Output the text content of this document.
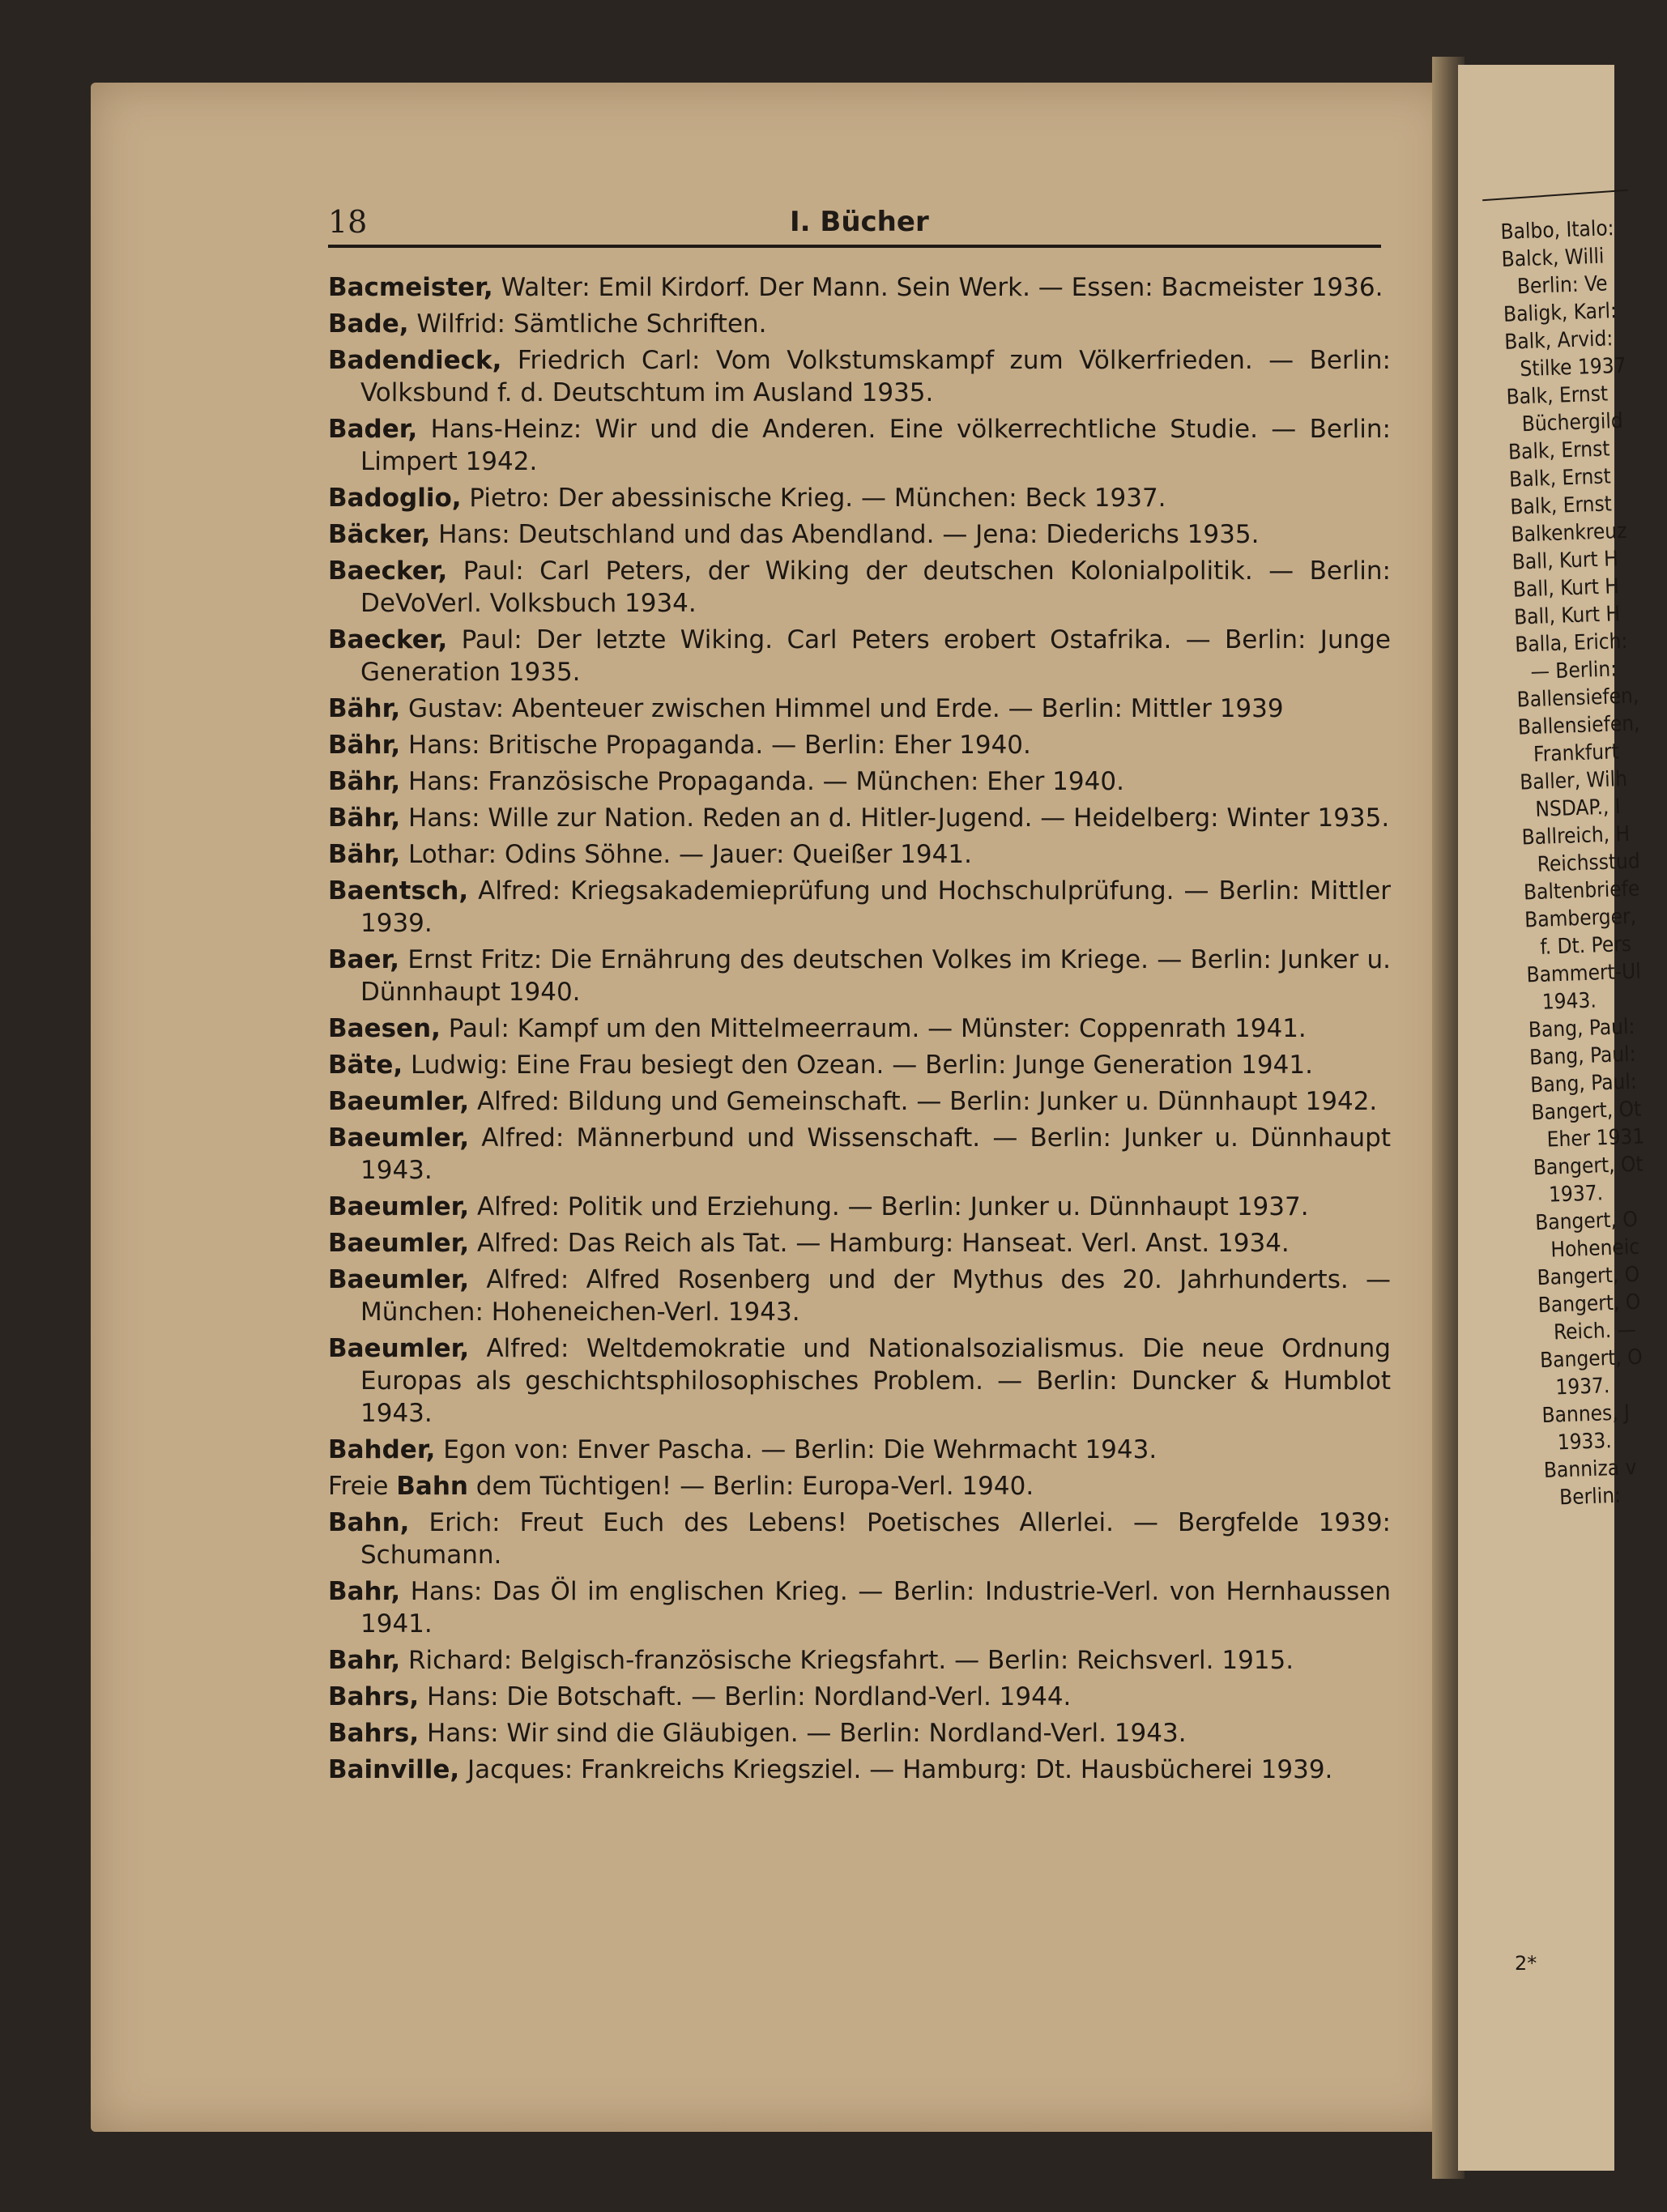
Balbo, Italo:
Balck, Willi
Berlin: Ve
Baligk, Karl:
Balk, Arvid:
Stilke 1937
Balk, Ernst
Büchergild
Balk, Ernst
Balk, Ernst
Balk, Ernst
Balkenkreuz
Ball, Kurt H
Ball, Kurt H
Ball, Kurt H
Balla, Erich:
— Berlin:
Ballensiefen,
Ballensiefen,
Frankfurt
Baller, Wilh
NSDAP., I
Ballreich, H
Reichsstud
Baltenbriefe
Bamberger,
f. Dt. Pers
Bammert-Ul
1943.
Bang, Paul:
Bang, Paul:
Bang, Paul:
Bangert, Ot
Eher 1931
Bangert, Ot
1937.
Bangert, O
Hoheneic
Bangert, O
Bangert, O
Reich. —
Bangert, O
1937.
Bannes, J
1933.
Banniza v
Berlin:
2*
18	I. Bücher
Bacmeister, Walter: Emil Kirdorf. Der Mann. Sein Werk. — Essen: Bacmeister 1936.
Bade, Wilfrid: Sämtliche Schriften.
Badendieck, Friedrich Carl: Vom Volkstumskampf zum Völkerfrieden. — Berlin: Volksbund f. d. Deutschtum im Ausland 1935.
Bader, Hans-Heinz: Wir und die Anderen. Eine völkerrechtliche Studie. — Berlin: Limpert 1942.
Badoglio, Pietro: Der abessinische Krieg. — München: Beck 1937.
Bäcker, Hans: Deutschland und das Abendland. — Jena: Diederichs 1935.
Baecker, Paul: Carl Peters, der Wiking der deutschen Kolonialpolitik. — Berlin: DeVoVerl. Volksbuch 1934.
Baecker, Paul: Der letzte Wiking. Carl Peters erobert Ostafrika. — Berlin: Junge Generation 1935.
Bähr, Gustav: Abenteuer zwischen Himmel und Erde. — Berlin: Mittler 1939
Bähr, Hans: Britische Propaganda. — Berlin: Eher 1940.
Bähr, Hans: Französische Propaganda. — München: Eher 1940.
Bähr, Hans: Wille zur Nation. Reden an d. Hitler-Jugend. — Heidelberg: Winter 1935.
Bähr, Lothar: Odins Söhne. — Jauer: Queißer 1941.
Baentsch, Alfred: Kriegsakademieprüfung und Hochschulprüfung. — Berlin: Mittler 1939.
Baer, Ernst Fritz: Die Ernährung des deutschen Volkes im Kriege. — Berlin: Junker u. Dünnhaupt 1940.
Baesen, Paul: Kampf um den Mittelmeerraum. — Münster: Coppenrath 1941.
Bäte, Ludwig: Eine Frau besiegt den Ozean. — Berlin: Junge Generation 1941.
Baeumler, Alfred: Bildung und Gemeinschaft. — Berlin: Junker u. Dünnhaupt 1942.
Baeumler, Alfred: Männerbund und Wissenschaft. — Berlin: Junker u. Dünnhaupt 1943.
Baeumler, Alfred: Politik und Erziehung. — Berlin: Junker u. Dünnhaupt 1937.
Baeumler, Alfred: Das Reich als Tat. — Hamburg: Hanseat. Verl. Anst. 1934.
Baeumler, Alfred: Alfred Rosenberg und der Mythus des 20. Jahrhunderts. — München: Hoheneichen-Verl. 1943.
Baeumler, Alfred: Weltdemokratie und Nationalsozialismus. Die neue Ordnung Europas als geschichtsphilosophisches Problem. — Berlin: Duncker & Humblot 1943.
Bahder, Egon von: Enver Pascha. — Berlin: Die Wehrmacht 1943.
Freie Bahn dem Tüchtigen! — Berlin: Europa-Verl. 1940.
Bahn, Erich: Freut Euch des Lebens! Poetisches Allerlei. — Bergfelde 1939: Schumann.
Bahr, Hans: Das Öl im englischen Krieg. — Berlin: Industrie-Verl. von Hernhaussen 1941.
Bahr, Richard: Belgisch-französische Kriegsfahrt. — Berlin: Reichsverl. 1915.
Bahrs, Hans: Die Botschaft. — Berlin: Nordland-Verl. 1944.
Bahrs, Hans: Wir sind die Gläubigen. — Berlin: Nordland-Verl. 1943.
Bainville, Jacques: Frankreichs Kriegsziel. — Hamburg: Dt. Hausbücherei 1939.
